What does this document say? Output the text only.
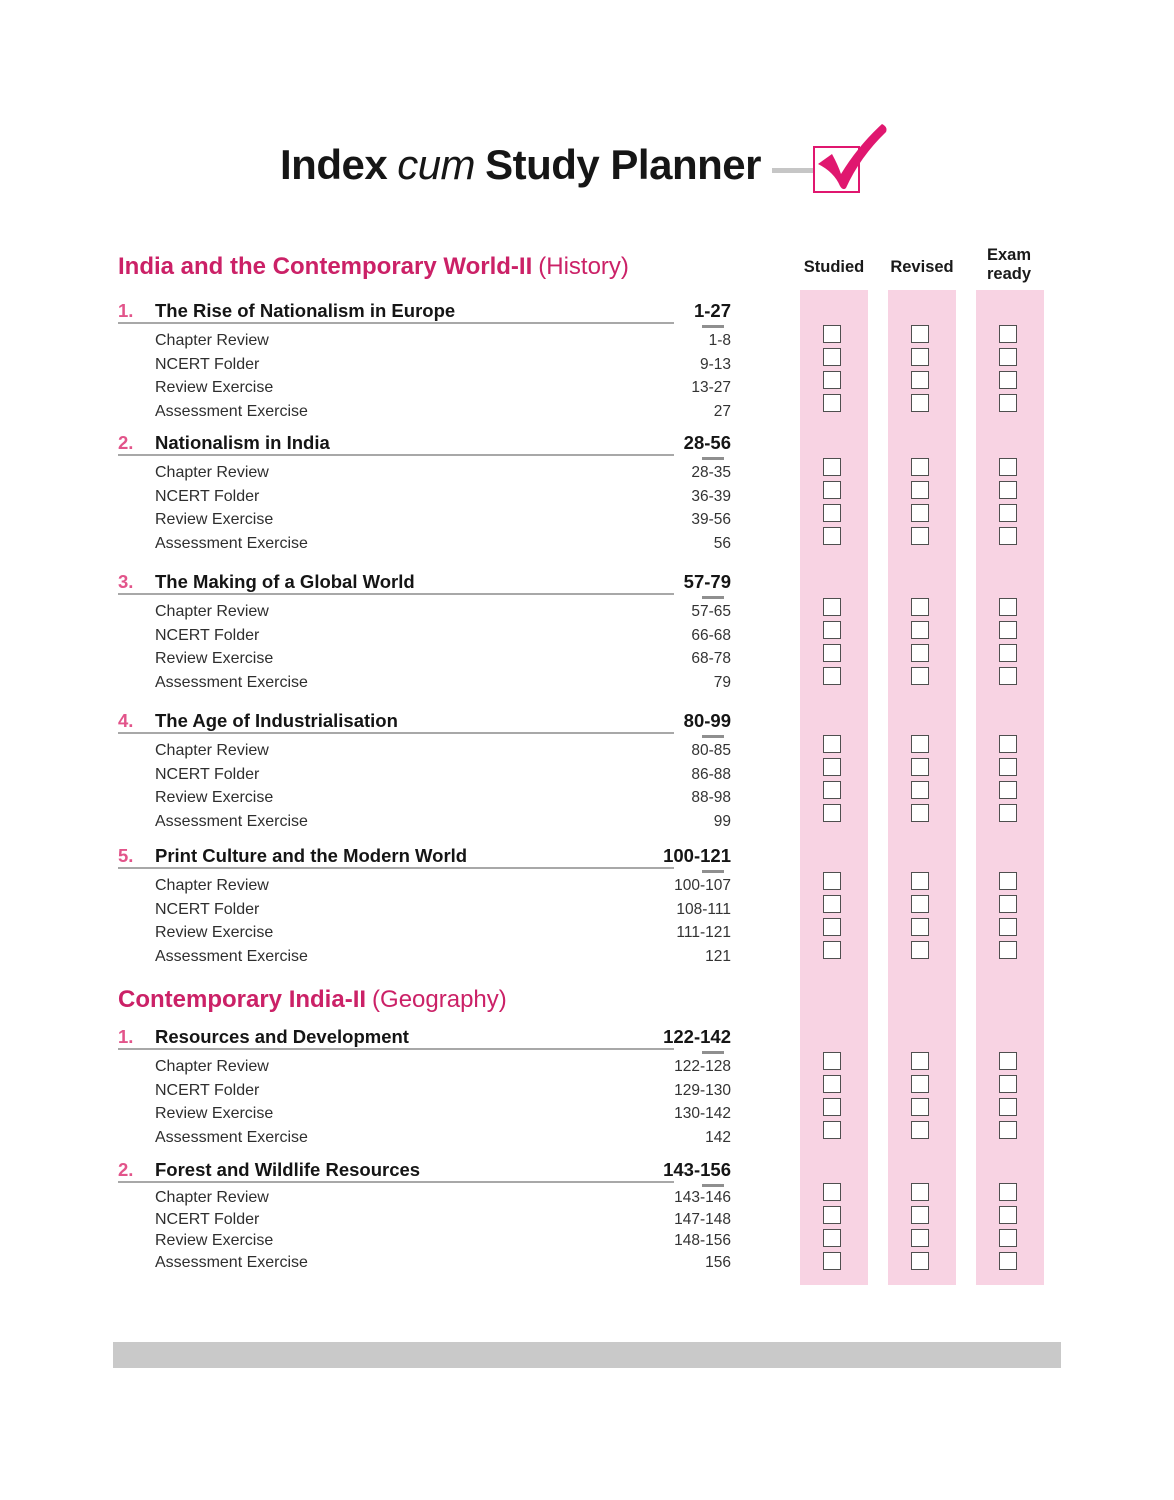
Index cum Study Planner
Studied Revised
Exam ready
India and the Contemporary World-II (History)
1.	The Rise of Nationalism in Europe	1-27
Chapter Review	1-8
NCERT Folder	9-13
Review Exercise	13-27
Assessment Exercise	27
2.	Nationalism in India	28-56
Chapter Review	28-35
NCERT Folder	36-39
Review Exercise	39-56
Assessment Exercise	56
3.	The Making of a Global World	57-79
Chapter Review	57-65
NCERT Folder	66-68
Review Exercise	68-78
Assessment Exercise	79
4.	The Age of Industrialisation	80-99
Chapter Review	80-85
NCERT Folder	86-88
Review Exercise	88-98
Assessment Exercise	99
5.	Print Culture and the Modern World	100-121
Chapter Review	100-107
NCERT Folder	108-111
Review Exercise	111-121
Assessment Exercise	121
Contemporary India-II (Geography)
1.	Resources and Development	122-142
Chapter Review	122-128
NCERT Folder	129-130
Review Exercise	130-142
Assessment Exercise	142
2.	Forest and Wildlife Resources	143-156
Chapter Review	143-146
NCERT Folder	147-148
Review Exercise	148-156
Assessment Exercise	156
